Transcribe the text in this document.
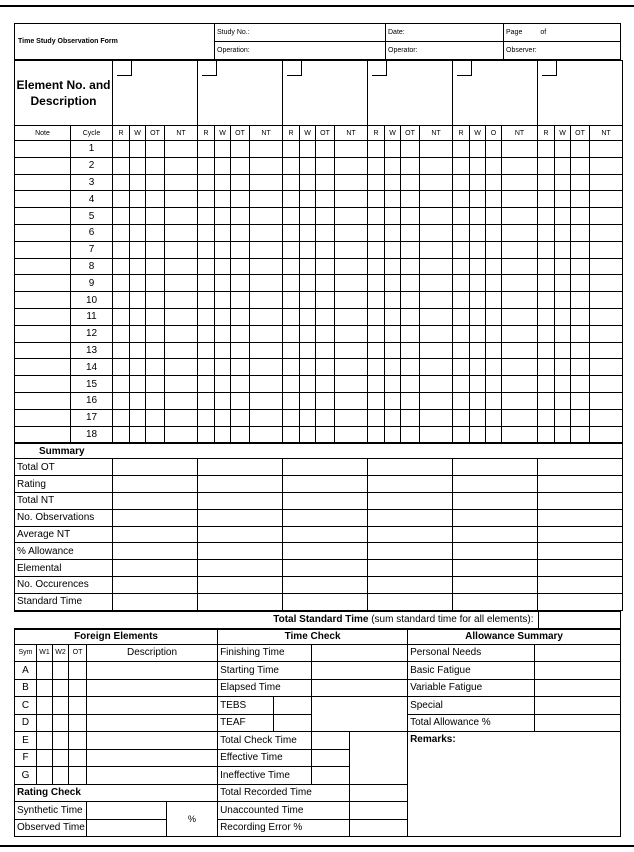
Time Study Observation Form	Study No.:	Date:	Page of
	Operation:	Operator:	Observer:
Element No. and Description																				

Note	Cycle	R	W	OT	NT	R	W	OT	NT	R	W	OT	NT	R	W	OT	NT	R	W	O	NT	R	W	OT	NT
	1																								
	2																								
	3																								
	4																								
	5																								
	6																								
	7																								
	8																								
	9																								
	10																								
	11																								
	12																								
	13																								
	14																								
	15																								
	16																								
	17																								
	18																								
Summary																									
Total OT																									
Rating																									
Total NT																									
No. Observations																									
Average NT																									
% Allowance																									
Elemental																									
No. Occurences																									
Standard Time																									
Total Standard Time (sum standard time for all elements):	
Foreign Elements						Time Check				Allowance Summary	
Sym	W1	W2	OT	Description		Finishing Time				Personal Needs	
A						Starting Time				Basic Fatigue	
B						Elapsed Time				Variable Fatigue	
C						TEBS				Special	
D						TEAF				Total Allowance %	
E						Total Check Time				Remarks:	
F						Effective Time					
G						Ineffective Time					
Rating Check						Total Recorded Time					
Synthetic Time					%	Unaccounted Time					
Observed Time						Recording Error %					
